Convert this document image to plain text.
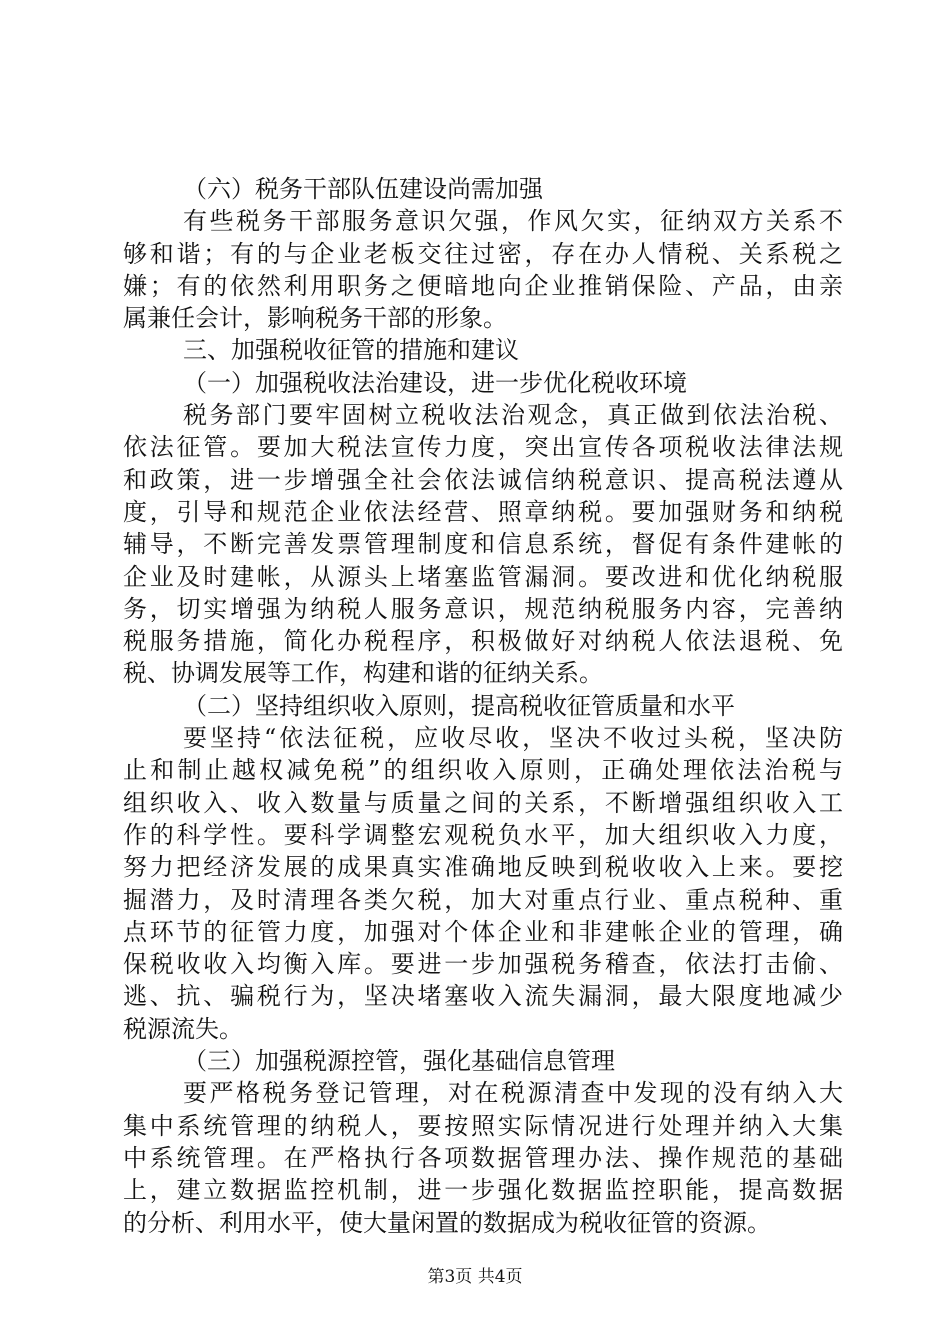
（六）税务干部队伍建设尚需加强
有些税务干部服务意识欠强，作风欠实，征纳双方关系不
够和谐；有的与企业老板交往过密，存在办人情税、关系税之
嫌；有的依然利用职务之便暗地向企业推销保险、产品，由亲
属兼任会计，影响税务干部的形象。
三、加强税收征管的措施和建议
（一）加强税收法治建设，进一步优化税收环境
税务部门要牢固树立税收法治观念，真正做到依法治税、
依法征管。要加大税法宣传力度，突出宣传各项税收法律法规
和政策，进一步增强全社会依法诚信纳税意识、提高税法遵从
度，引导和规范企业依法经营、照章纳税。要加强财务和纳税
辅导，不断完善发票管理制度和信息系统，督促有条件建帐的
企业及时建帐，从源头上堵塞监管漏洞。要改进和优化纳税服
务，切实增强为纳税人服务意识，规范纳税服务内容，完善纳
税服务措施，简化办税程序，积极做好对纳税人依法退税、免
税、协调发展等工作，构建和谐的征纳关系。
（二）坚持组织收入原则，提高税收征管质量和水平
要坚持“依法征税，应收尽收，坚决不收过头税，坚决防
止和制止越权减免税”的组织收入原则，正确处理依法治税与
组织收入、收入数量与质量之间的关系，不断增强组织收入工
作的科学性。要科学调整宏观税负水平，加大组织收入力度，
努力把经济发展的成果真实准确地反映到税收收入上来。要挖
掘潜力，及时清理各类欠税，加大对重点行业、重点税种、重
点环节的征管力度，加强对个体企业和非建帐企业的管理，确
保税收收入均衡入库。要进一步加强税务稽查，依法打击偷、
逃、抗、骗税行为，坚决堵塞收入流失漏洞，最大限度地减少
税源流失。
（三）加强税源控管，强化基础信息管理
要严格税务登记管理，对在税源清查中发现的没有纳入大
集中系统管理的纳税人，要按照实际情况进行处理并纳入大集
中系统管理。在严格执行各项数据管理办法、操作规范的基础
上，建立数据监控机制，进一步强化数据监控职能，提高数据
的分析、利用水平，使大量闲置的数据成为税收征管的资源。
第3页 共4页
